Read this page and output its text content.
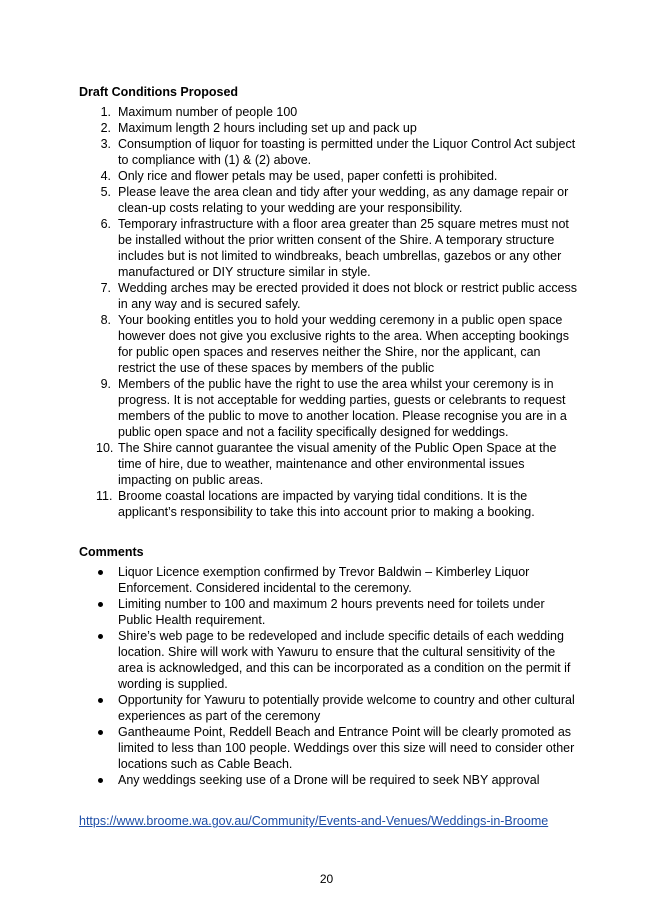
Draft Conditions Proposed
1. Maximum number of people 100
2. Maximum length 2 hours including set up and pack up
3. Consumption of liquor for toasting is permitted under the Liquor Control Act subject to compliance with (1) & (2) above.
4. Only rice and flower petals may be used, paper confetti is prohibited.
5. Please leave the area clean and tidy after your wedding, as any damage repair or clean-up costs relating to your wedding are your responsibility.
6. Temporary infrastructure with a floor area greater than 25 square metres must not be installed without the prior written consent of the Shire. A temporary structure includes but is not limited to windbreaks, beach umbrellas, gazebos or any other manufactured or DIY structure similar in style.
7. Wedding arches may be erected provided it does not block or restrict public access in any way and is secured safely.
8. Your booking entitles you to hold your wedding ceremony in a public open space however does not give you exclusive rights to the area. When accepting bookings for public open spaces and reserves neither the Shire, nor the applicant, can restrict the use of these spaces by members of the public
9. Members of the public have the right to use the area whilst your ceremony is in progress. It is not acceptable for wedding parties, guests or celebrants to request members of the public to move to another location. Please recognise you are in a public open space and not a facility specifically designed for weddings.
10. The Shire cannot guarantee the visual amenity of the Public Open Space at the time of hire, due to weather, maintenance and other environmental issues impacting on public areas.
11. Broome coastal locations are impacted by varying tidal conditions. It is the applicant’s responsibility to take this into account prior to making a booking.
Comments
Liquor Licence exemption confirmed by Trevor Baldwin – Kimberley Liquor Enforcement. Considered incidental to the ceremony.
Limiting number to 100 and maximum 2 hours prevents need for toilets under Public Health requirement.
Shire’s web page to be redeveloped and include specific details of each wedding location. Shire will work with Yawuru to ensure that the cultural sensitivity of the area is acknowledged, and this can be incorporated as a condition on the permit if wording is supplied.
Opportunity for Yawuru to potentially provide welcome to country and other cultural experiences as part of the ceremony
Gantheaume Point, Reddell Beach and Entrance Point will be clearly promoted as limited to less than 100 people. Weddings over this size will need to consider other locations such as Cable Beach.
Any weddings seeking use of a Drone will be required to seek NBY approval
https://www.broome.wa.gov.au/Community/Events-and-Venues/Weddings-in-Broome
20
